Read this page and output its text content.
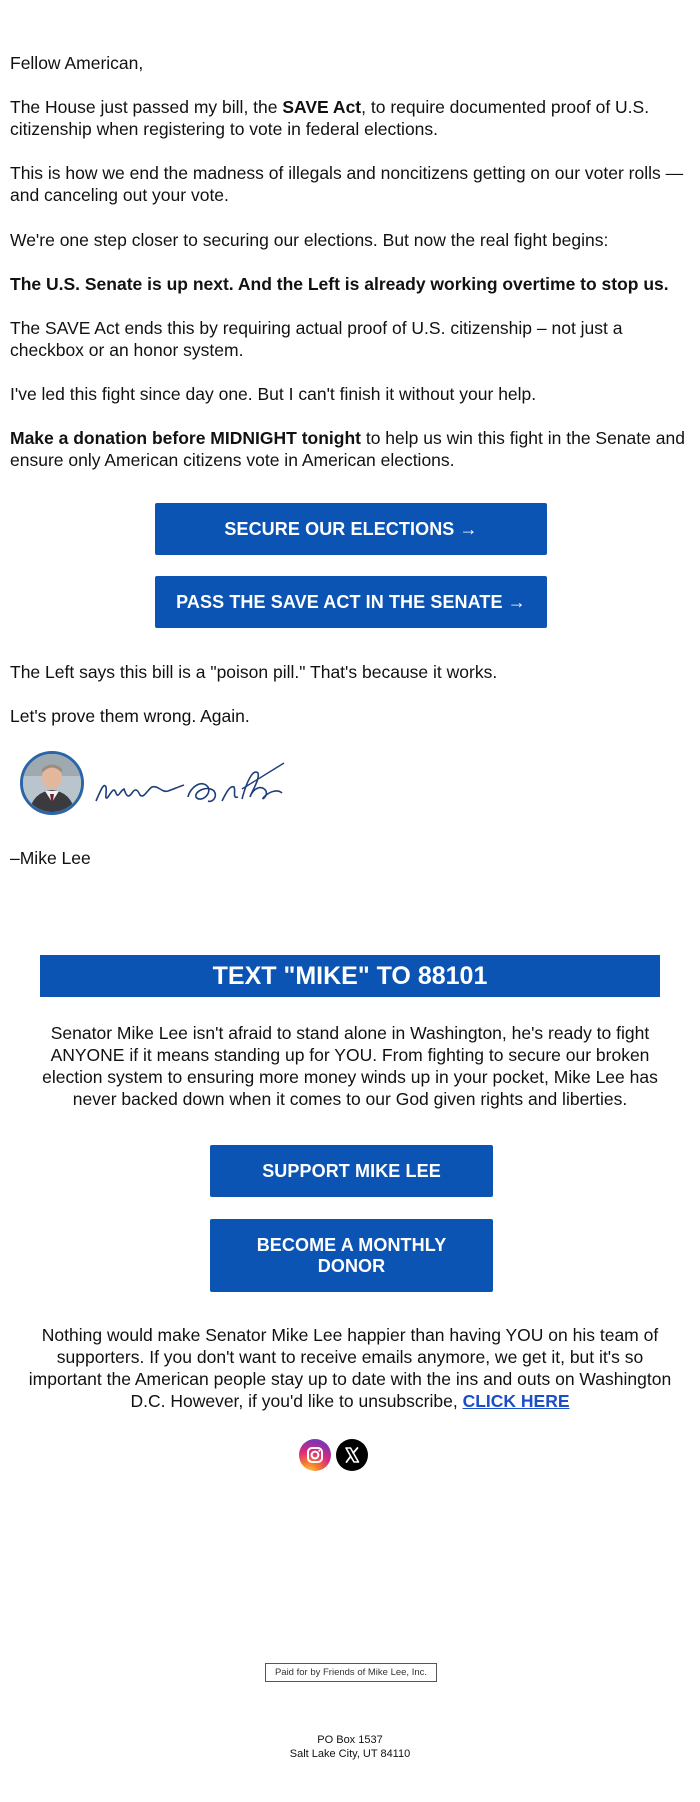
Fellow American,

The House just passed my bill, the SAVE Act, to require documented proof of U.S. citizenship when registering to vote in federal elections.

This is how we end the madness of illegals and noncitizens getting on our voter rolls — and canceling out your vote.

We're one step closer to securing our elections. But now the real fight begins:

The U.S. Senate is up next. And the Left is already working overtime to stop us.

The SAVE Act ends this by requiring actual proof of U.S. citizenship – not just a checkbox or an honor system.

I've led this fight since day one. But I can't finish it without your help.

Make a donation before MIDNIGHT tonight to help us win this fight in the Senate and ensure only American citizens vote in American elections.

SECURE OUR ELECTIONS →
PASS THE SAVE ACT IN THE SENATE →

The Left says this bill is a "poison pill." That's because it works.

Let's prove them wrong. Again.

–Mike Lee

TEXT "MIKE" TO 88101

Senator Mike Lee isn't afraid to stand alone in Washington, he's ready to fight ANYONE if it means standing up for YOU. From fighting to secure our broken election system to ensuring more money winds up in your pocket, Mike Lee has never backed down when it comes to our God given rights and liberties.

SUPPORT MIKE LEE
BECOME A MONTHLY
DONOR

Nothing would make Senator Mike Lee happier than having YOU on his team of supporters. If you don't want to receive emails anymore, we get it, but it's so important the American people stay up to date with the ins and outs on Washington D.C. However, if you'd like to unsubscribe, CLICK HERE

Paid for by Friends of Mike Lee, Inc.
PO Box 1537
Salt Lake City, UT 84110
